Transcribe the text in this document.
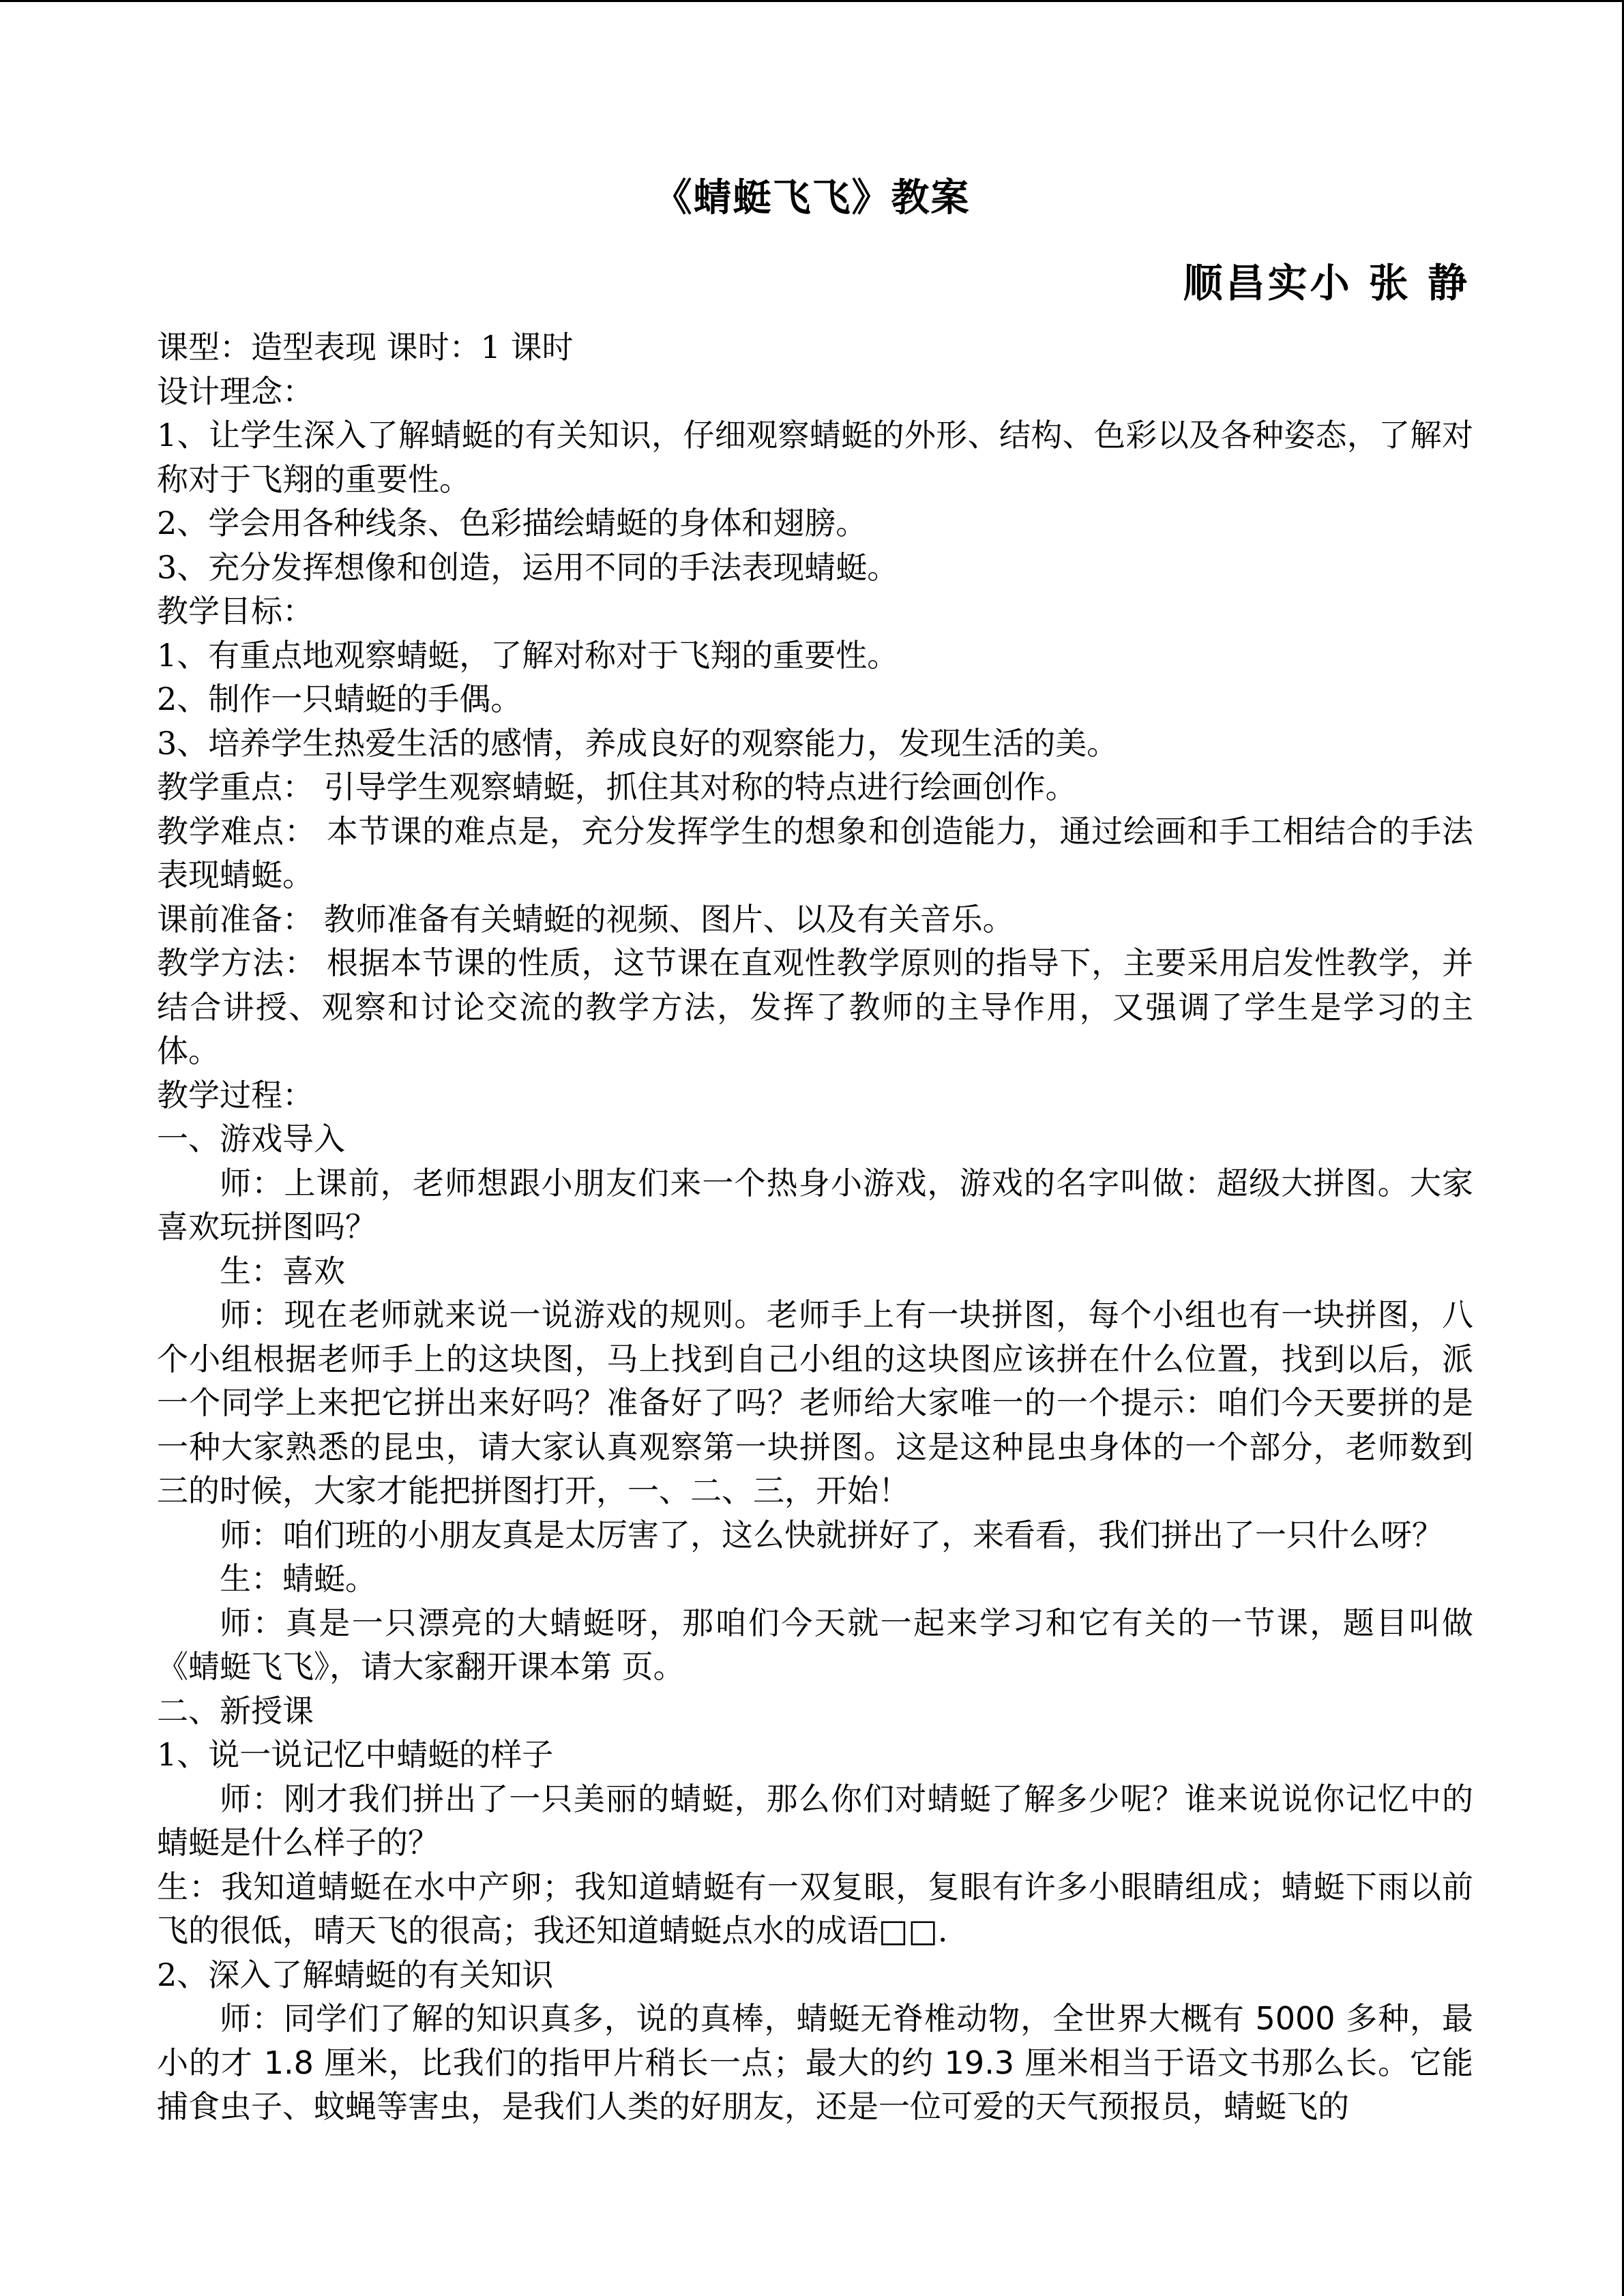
《蜻蜓飞飞》教案
顺昌实小 张 静

课型：造型表现 课时：1 课时

设计理念：

1、让学生深入了解蜻蜓的有关知识，仔细观察蜻蜓的外形、结构、色彩以及各种姿态，了解对称对于飞翔的重要性。

2、学会用各种线条、色彩描绘蜻蜓的身体和翅膀。

3、充分发挥想像和创造，运用不同的手法表现蜻蜓。

教学目标：

1、有重点地观察蜻蜓，了解对称对于飞翔的重要性。

2、制作一只蜻蜓的手偶。

3、培养学生热爱生活的感情，养成良好的观察能力，发现生活的美。

教学重点： 引导学生观察蜻蜓，抓住其对称的特点进行绘画创作。

教学难点： 本节课的难点是，充分发挥学生的想象和创造能力，通过绘画和手工相结合的手法表现蜻蜓。

课前准备： 教师准备有关蜻蜓的视频、图片、以及有关音乐。

教学方法： 根据本节课的性质，这节课在直观性教学原则的指导下，主要采用启发性教学，并结合讲授、观察和讨论交流的教学方法，发挥了教师的主导作用，又强调了学生是学习的主体。

教学过程：

一、游戏导入

师：上课前，老师想跟小朋友们来一个热身小游戏，游戏的名字叫做：超级大拼图。大家喜欢玩拼图吗？

生：喜欢

师：现在老师就来说一说游戏的规则。老师手上有一块拼图，每个小组也有一块拼图，八个小组根据老师手上的这块图，马上找到自己小组的这块图应该拼在什么位置，找到以后，派一个同学上来把它拼出来好吗？准备好了吗？老师给大家唯一的一个提示：咱们今天要拼的是一种大家熟悉的昆虫，请大家认真观察第一块拼图。这是这种昆虫身体的一个部分，老师数到三的时候，大家才能把拼图打开，一、二、三，开始！

师：咱们班的小朋友真是太厉害了，这么快就拼好了，来看看，我们拼出了一只什么呀？

生：蜻蜓。

师：真是一只漂亮的大蜻蜓呀，那咱们今天就一起来学习和它有关的一节课，题目叫做《蜻蜓飞飞》，请大家翻开课本第 页。

二、新授课

1、说一说记忆中蜻蜓的样子

师：刚才我们拼出了一只美丽的蜻蜓，那么你们对蜻蜓了解多少呢？谁来说说你记忆中的蜻蜓是什么样子的？

生：我知道蜻蜓在水中产卵；我知道蜻蜓有一双复眼，复眼有许多小眼睛组成；蜻蜓下雨以前飞的很低，晴天飞的很高；我还知道蜻蜓点水的成语□□.

2、深入了解蜻蜓的有关知识

师：同学们了解的知识真多，说的真棒，蜻蜓无脊椎动物，全世界大概有 5000 多种，最小的才 1.8 厘米，比我们的指甲片稍长一点；最大的约 19.3 厘米相当于语文书那么长。它能捕食虫子、蚊蝇等害虫，是我们人类的好朋友，还是一位可爱的天气预报员，蜻蜓飞的
